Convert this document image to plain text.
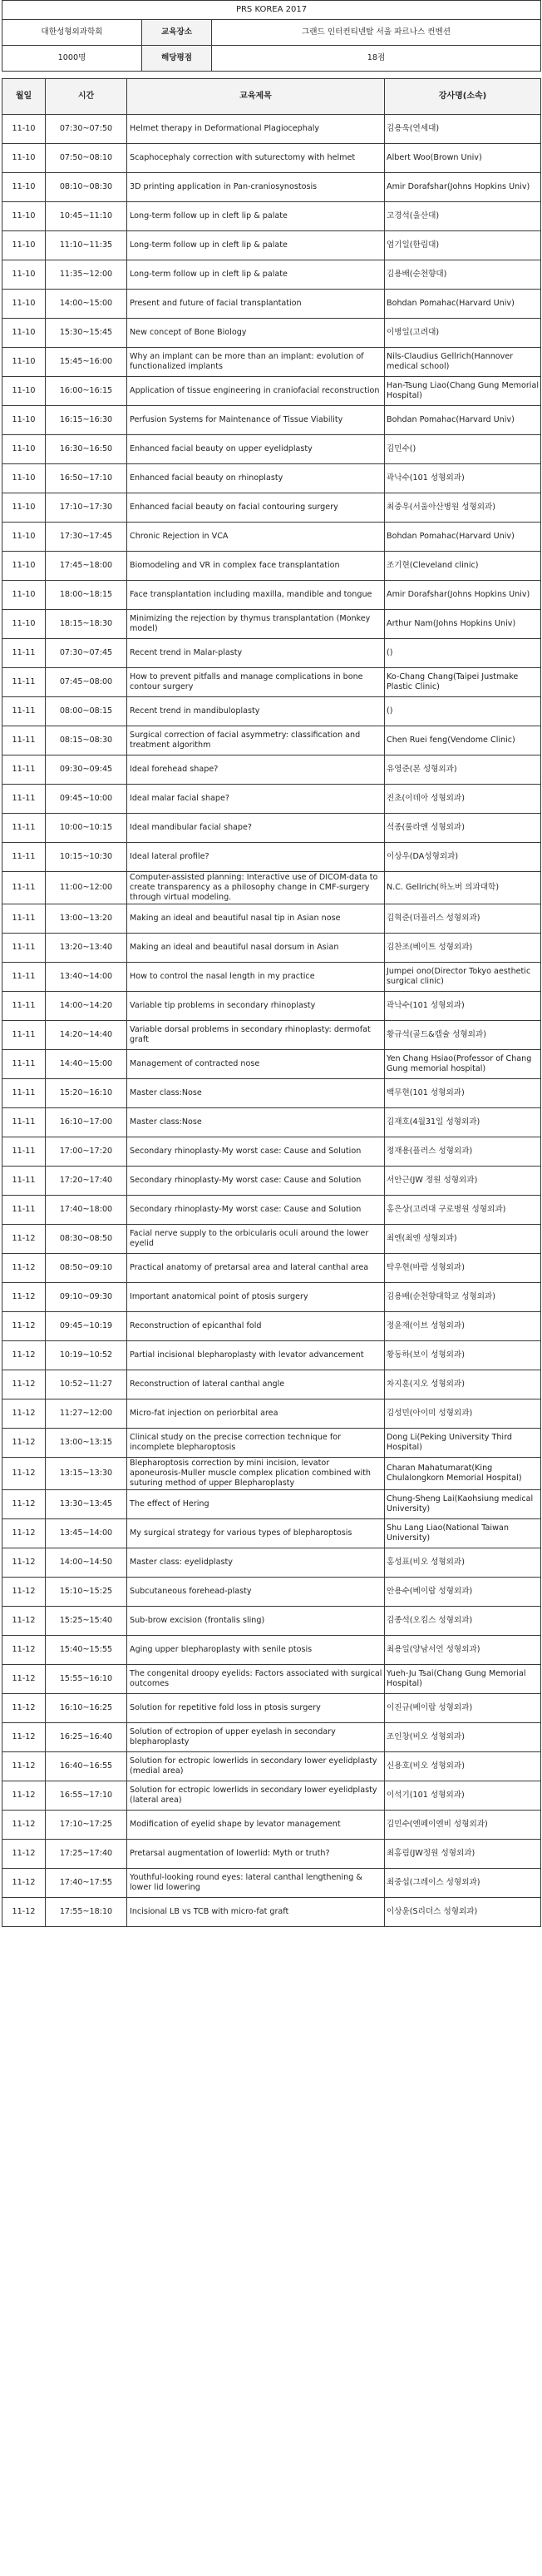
PRS KOREA 2017		
대한성형외과학회	교육장소	그랜드 인터컨티넨탈 서울 파르나스 컨벤션
1000명	해당평점	18점
월일	시간	교육제목	강사명(소속)
11-10	07:30~07:50	Helmet therapy in Deformational Plagiocephaly	김용욱(연세대)
11-10	07:50~08:10	Scaphocephaly correction with suturectomy with helmet	Albert Woo(Brown Univ)
11-10	08:10~08:30	3D printing application in Pan-craniosynostosis	Amir Dorafshar(Johns Hopkins Univ)
11-10	10:45~11:10	Long-term follow up in cleft lip & palate	고경석(울산대)
11-10	11:10~11:35	Long-term follow up in cleft lip & palate	엄기일(한림대)
11-10	11:35~12:00	Long-term follow up in cleft lip & palate	김용배(순천향대)
11-10	14:00~15:00	Present and future of facial transplantation	Bohdan Pomahac(Harvard Univ)
11-10	15:30~15:45	New concept of Bone Biology	이병일(고려대)
11-10	15:45~16:00	Why an implant can be more than an implant: evolution of functionalized implants	Nils-Claudius Gellrich(Hannover medical school)
11-10	16:00~16:15	Application of tissue engineering in craniofacial reconstruction	Han-Tsung Liao(Chang Gung Memorial Hospital)
11-10	16:15~16:30	Perfusion Systems for Maintenance of Tissue Viability	Bohdan Pomahac(Harvard Univ)
11-10	16:30~16:50	Enhanced facial beauty on upper eyelidplasty	김민수()
11-10	16:50~17:10	Enhanced facial beauty on rhinoplasty	곽낙수(101 성형외과)
11-10	17:10~17:30	Enhanced facial beauty on facial contouring surgery	최중우(서울아산병원 성형외과)
11-10	17:30~17:45	Chronic Rejection in VCA	Bohdan Pomahac(Harvard Univ)
11-10	17:45~18:00	Biomodeling and VR in complex face transplantation	조기현(Cleveland clinic)
11-10	18:00~18:15	Face transplantation including maxilla, mandible and tongue	Amir Dorafshar(Johns Hopkins Univ)
11-10	18:15~18:30	Minimizing the rejection by thymus transplantation (Monkey model)	Arthur Nam(Johns Hopkins Univ)
11-11	07:30~07:45	Recent trend in Malar-plasty	()
11-11	07:45~08:00	How to prevent pitfalls and manage complications in bone contour surgery	Ko-Chang Chang(Taipei Justmake Plastic Clinic)
11-11	08:00~08:15	Recent trend in mandibuloplasty	()
11-11	08:15~08:30	Surgical correction of facial asymmetry: classification and treatment algorithm	Chen Ruei feng(Vendome Clinic)
11-11	09:30~09:45	Ideal forehead shape?	유영준(본 성형외과)
11-11	09:45~10:00	Ideal malar facial shape?	진초(이데아 성형외과)
11-11	10:00~10:15	Ideal mandibular facial shape?	석종(룰라앤 성형외과)
11-11	10:15~10:30	Ideal lateral profile?	이상우(DA성형외과)
11-11	11:00~12:00	Computer-assisted planning: Interactive use of DICOM-data to create transparency as a philosophy change in CMF-surgery through virtual modeling.	N.C. Gellrich(하노버 의과대학)
11-11	13:00~13:20	Making an ideal and beautiful nasal tip in Asian nose	김혁준(더플러스 성형외과)
11-11	13:20~13:40	Making an ideal and beautiful nasal dorsum in Asian	김찬조(베이트 성형외과)
11-11	13:40~14:00	How to control the nasal length in my practice	Jumpei ono(Director Tokyo aesthetic surgical clinic)
11-11	14:00~14:20	Variable tip problems in secondary rhinoplasty	곽낙수(101 성형외과)
11-11	14:20~14:40	Variable dorsal problems in secondary rhinoplasty: dermofat graft	황규석(골드&캡슐 성형외과)
11-11	14:40~15:00	Management of contracted nose	Yen Chang Hsiao(Professor of Chang Gung memorial hospital)
11-11	15:20~16:10	Master class:Nose	백무현(101 성형외과)
11-11	16:10~17:00	Master class:Nose	김재호(4월31일 성형외과)
11-11	17:00~17:20	Secondary rhinoplasty-My worst case: Cause and Solution	정재용(플러스 성형외과)
11-11	17:20~17:40	Secondary rhinoplasty-My worst case: Cause and Solution	서안근(JW 정원 성형외과)
11-11	17:40~18:00	Secondary rhinoplasty-My worst case: Cause and Solution	홍은상(고려대 구로병원 성형외과)
11-12	08:30~08:50	Facial nerve supply to the orbicularis oculi around the lower eyelid	최엔(최엔 성형외과)
11-12	08:50~09:10	Practical anatomy of pretarsal area and lateral canthal area	탁우현(바람 성형외과)
11-12	09:10~09:30	Important anatomical point of ptosis surgery	김용배(순천향대학교 성형외과)
11-12	09:45~10:19	Reconstruction of epicanthal fold	정윤재(이브 성형외과)
11-12	10:19~10:52	Partial incisional blepharoplasty with levator advancement	황동하(보이 성형외과)
11-12	10:52~11:27	Reconstruction of lateral canthal angle	차지훈(지오 성형외과)
11-12	11:27~12:00	Micro-fat injection on periorbital area	김성민(아이미 성형외과)
11-12	13:00~13:15	Clinical study on the precise correction technique for incomplete blepharoptosis	Dong Li(Peking University Third Hospital)
11-12	13:15~13:30	Blepharoptosis correction by mini incision, levator aponeurosis-Muller muscle complex plication combined with suturing method of upper Blepharoplasty	Charan Mahatumarat(King Chulalongkorn Memorial Hospital)
11-12	13:30~13:45	The effect of Hering	Chung-Sheng Lai(Kaohsiung medical University)
11-12	13:45~14:00	My surgical strategy for various types of blepharoptosis	Shu Lang Liao(National Taiwan University)
11-12	14:00~14:50	Master class: eyelidplasty	홍성표(비오 성형외과)
11-12	15:10~15:25	Subcutaneous forehead-plasty	안용수(베이랍 성형외과)
11-12	15:25~15:40	Sub-brow excision (frontalis sling)	김종석(오킴스 성형외과)
11-12	15:40~15:55	Aging upper blepharoplasty with senile ptosis	최용일(양남서언 성형외과)
11-12	15:55~16:10	The congenital droopy eyelids: Factors associated with surgical outcomes	Yueh-Ju Tsai(Chang Gung Memorial Hospital)
11-12	16:10~16:25	Solution for repetitive fold loss in ptosis surgery	이진규(베이랍 성형외과)
11-12	16:25~16:40	Solution of ectropion of upper eyelash in secondary blepharoplasty	조인창(비오 성형외과)
11-12	16:40~16:55	Solution for ectropic lowerlids in secondary lower eyelidplasty (medial area)	신용호(비오 성형외과)
11-12	16:55~17:10	Solution for ectropic lowerlids in secondary lower eyelidplasty (lateral area)	이석기(101 성형외과)
11-12	17:10~17:25	Modification of eyelid shape by levator management	김민수(엔페이엔비 성형외과)
11-12	17:25~17:40	Pretarsal augmentation of lowerlid: Myth or truth?	최홍림(JW정원 성형외과)
11-12	17:40~17:55	Youthful-looking round eyes: lateral canthal lengthening & lower lid lowering	최중섭(그레이스 성형외과)
11-12	17:55~18:10	Incisional LB vs TCB with micro-fat graft	이상윤(S리더스 성형외과)
